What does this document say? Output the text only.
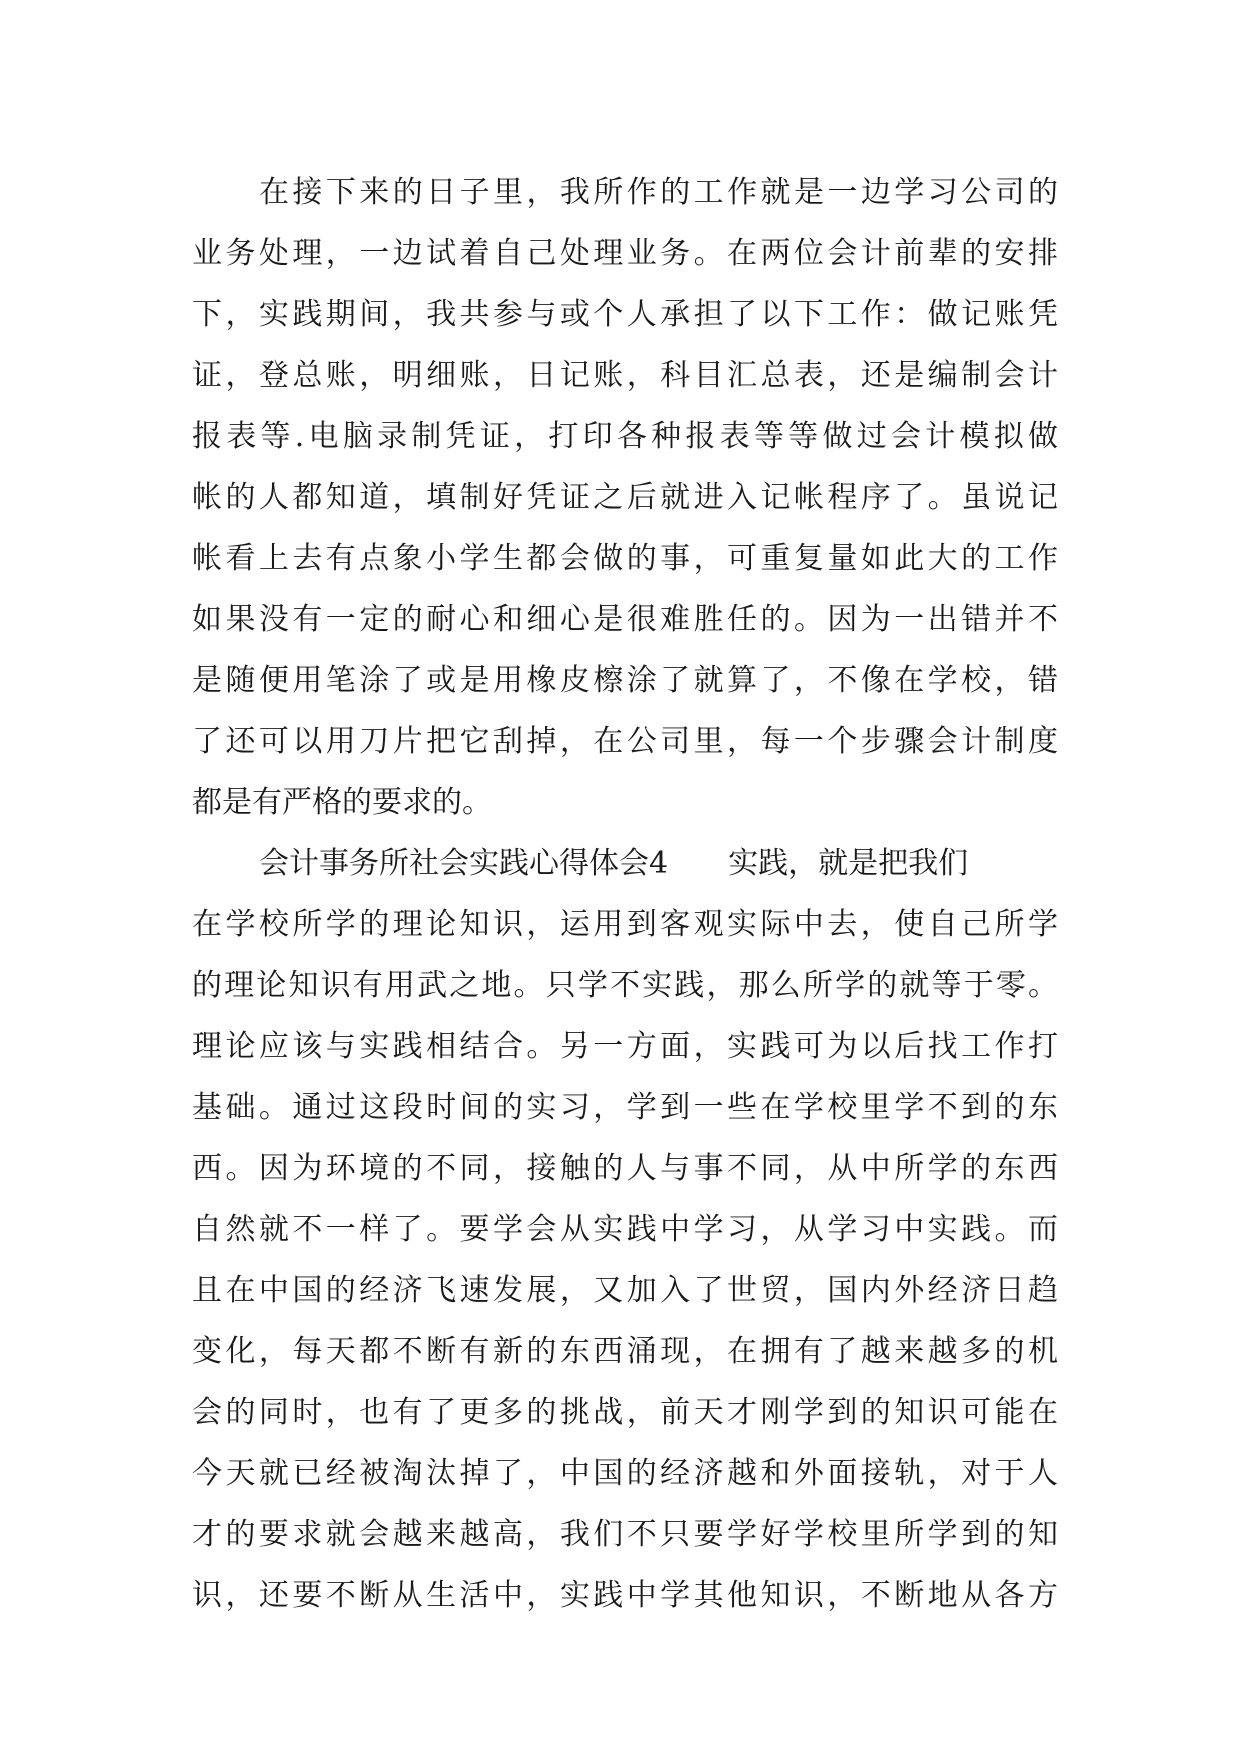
在接下来的日子里，我所作的工作就是一边学习公司的
业务处理，一边试着自己处理业务。在两位会计前辈的安排
下，实践期间，我共参与或个人承担了以下工作：做记账凭
证，登总账，明细账，日记账，科目汇总表，还是编制会计
报表等.电脑录制凭证，打印各种报表等等做过会计模拟做
帐的人都知道，填制好凭证之后就进入记帐程序了。虽说记
帐看上去有点象小学生都会做的事，可重复量如此大的工作
如果没有一定的耐心和细心是很难胜任的。因为一出错并不
是随便用笔涂了或是用橡皮檫涂了就算了，不像在学校，错
了还可以用刀片把它刮掉，在公司里，每一个步骤会计制度
都是有严格的要求的。
会计事务所社会实践心得体会4 实践，就是把我们
在学校所学的理论知识，运用到客观实际中去，使自己所学
的理论知识有用武之地。只学不实践，那么所学的就等于零。
理论应该与实践相结合。另一方面，实践可为以后找工作打
基础。通过这段时间的实习，学到一些在学校里学不到的东
西。因为环境的不同，接触的人与事不同，从中所学的东西
自然就不一样了。要学会从实践中学习，从学习中实践。而
且在中国的经济飞速发展，又加入了世贸，国内外经济日趋
变化，每天都不断有新的东西涌现，在拥有了越来越多的机
会的同时，也有了更多的挑战，前天才刚学到的知识可能在
今天就已经被淘汰掉了，中国的经济越和外面接轨，对于人
才的要求就会越来越高，我们不只要学好学校里所学到的知
识，还要不断从生活中，实践中学其他知识，不断地从各方
